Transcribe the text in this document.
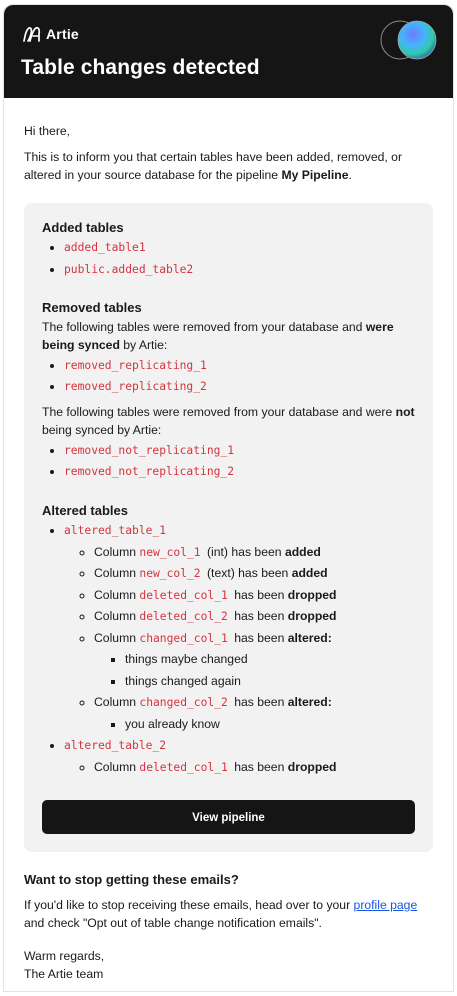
Artie
Table changes detected

Hi there,

This is to inform you that certain tables have been added, removed, or altered in your source database for the pipeline My Pipeline.

Added tables

• added_table1
• public.added_table2

Removed tables

The following tables were removed from your database and were being synced by Artie:

• removed_replicating_1
• removed_replicating_2

The following tables were removed from your database and were not being synced by Artie:

• removed_not_replicating_1
• removed_not_replicating_2

Altered tables

• altered_table_1
◦ Column new_col_1 (int) has been added
◦ Column new_col_2 (text) has been added
◦ Column deleted_col_1 has been dropped
◦ Column deleted_col_2 has been dropped
◦ Column changed_col_1 has been altered:
▪ things maybe changed
▪ things changed again
◦ Column changed_col_2 has been altered:
▪ you already know
• altered_table_2
◦ Column deleted_col_1 has been dropped
View pipeline

Want to stop getting these emails?

If you'd like to stop receiving these emails, head over to your profile page and check "Opt out of table change notification emails".

Warm regards,

The Artie team
